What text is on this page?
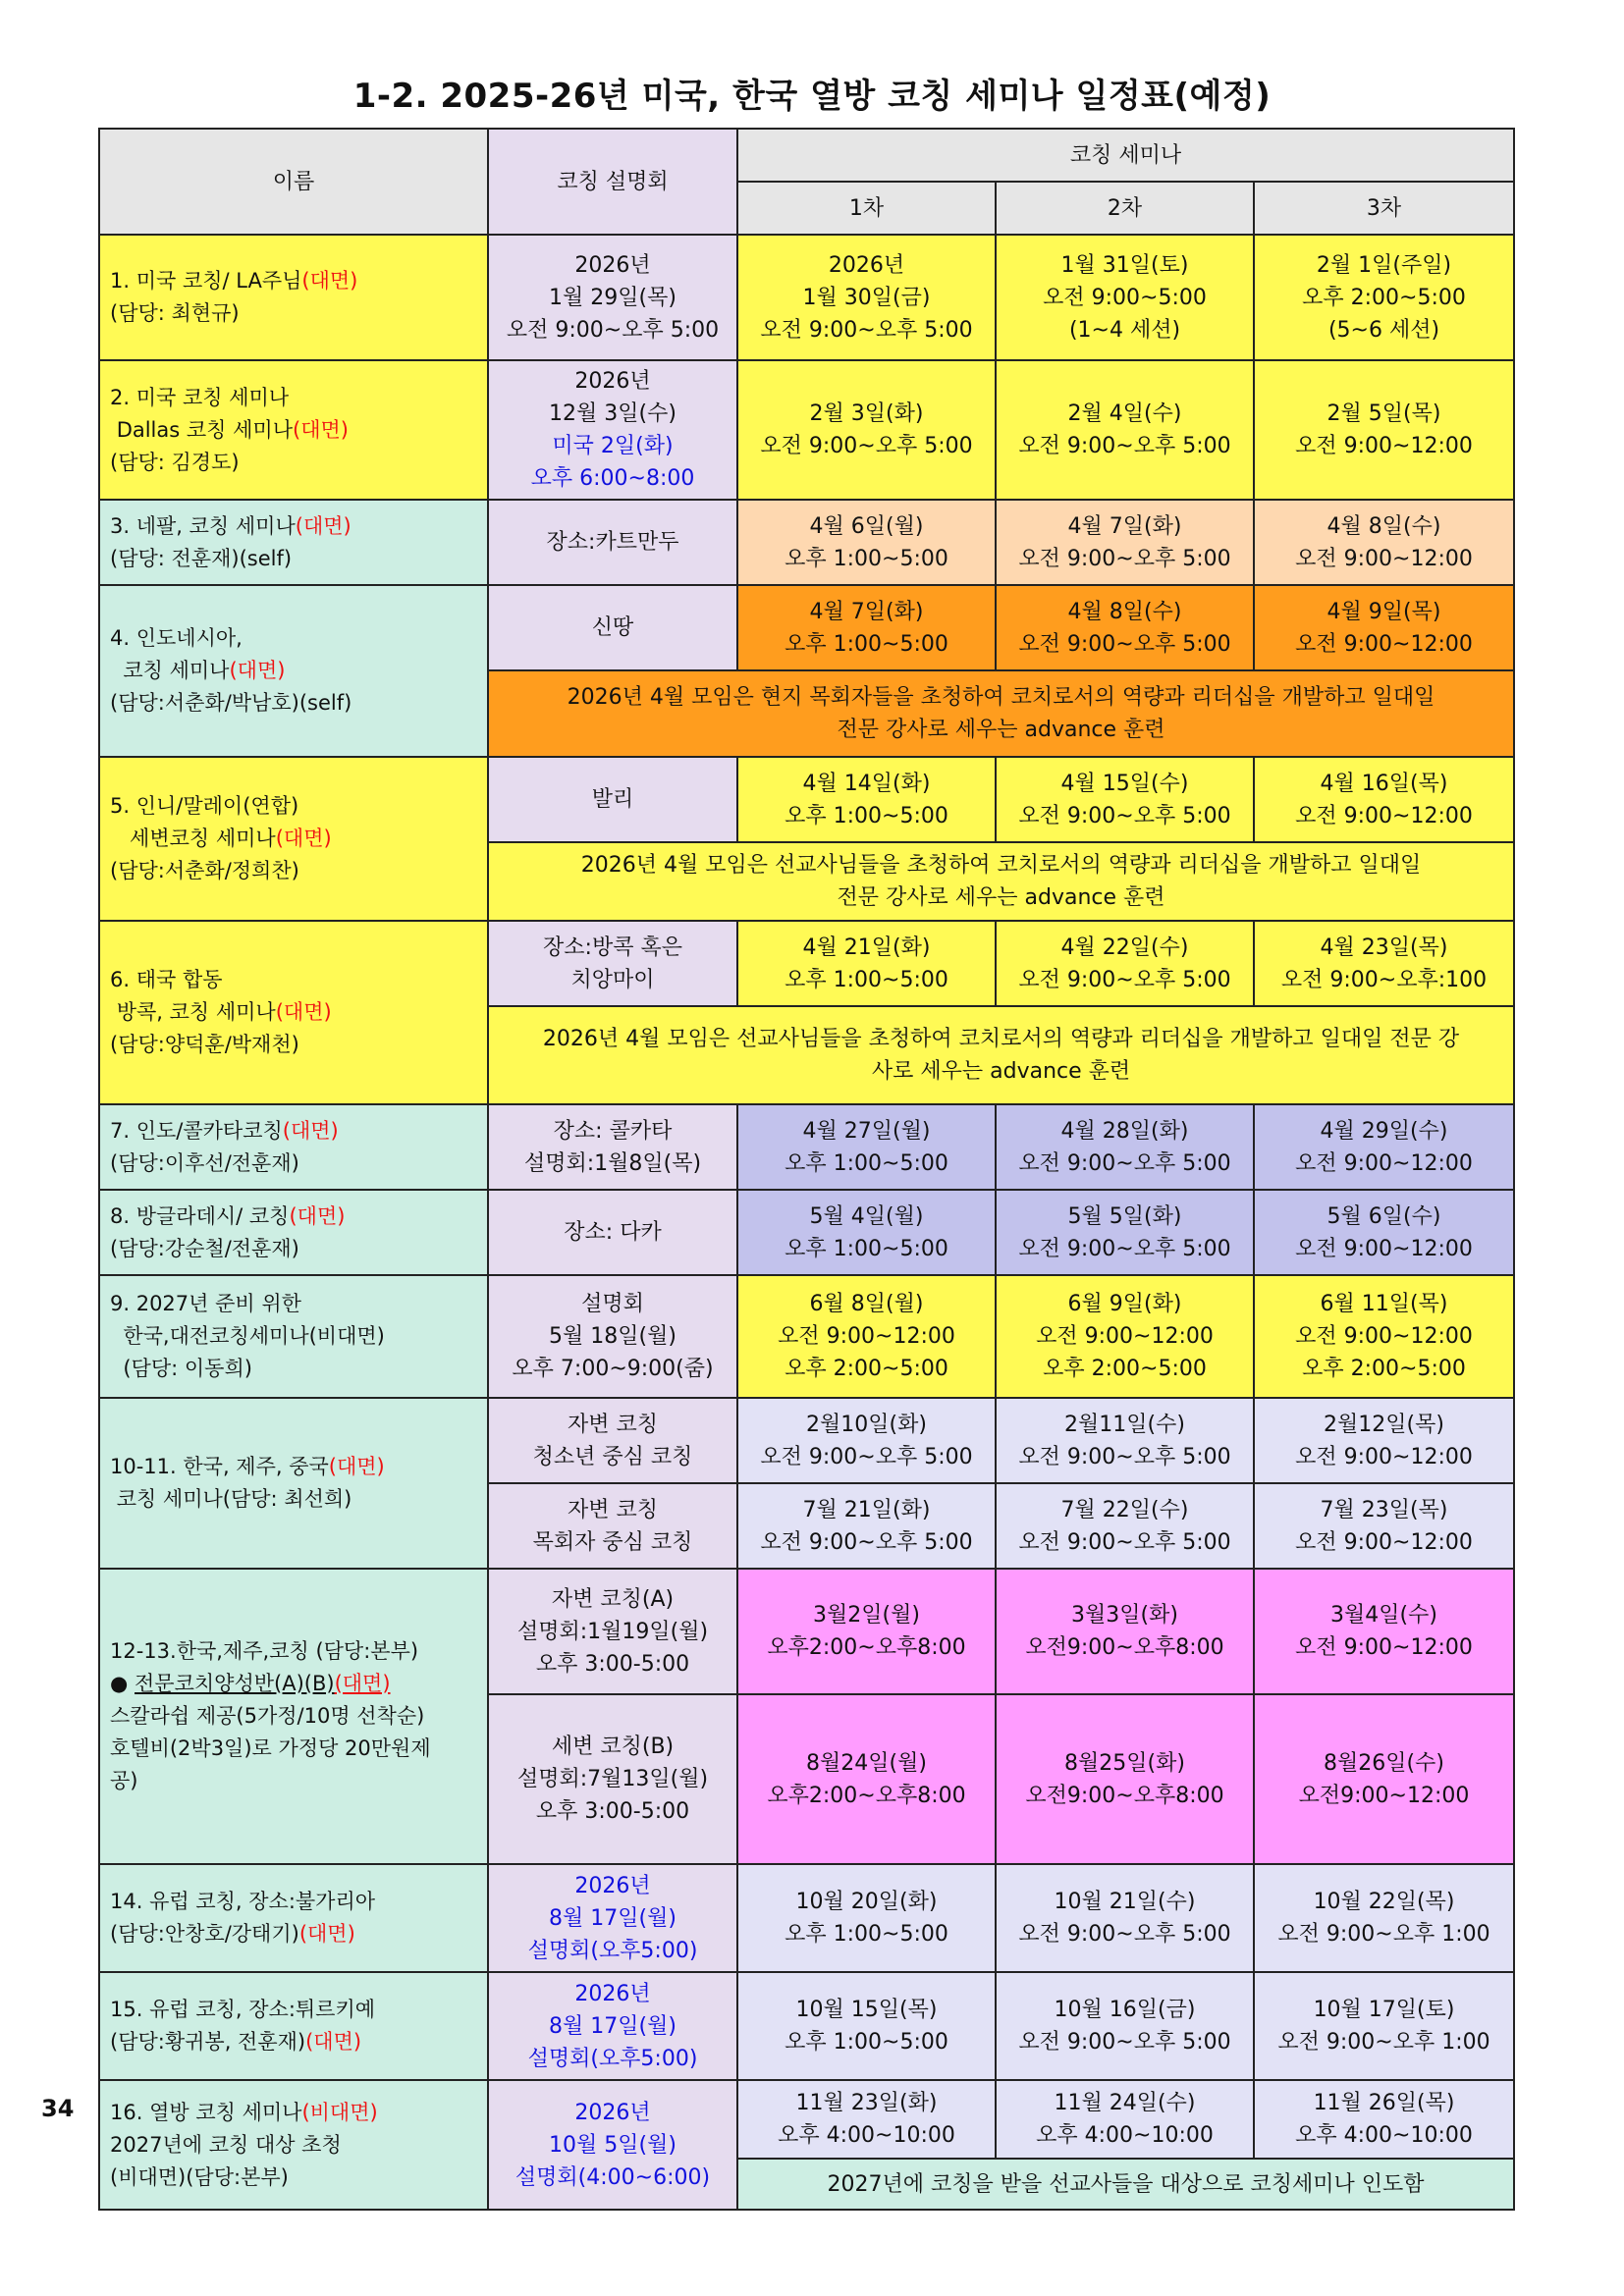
1-2. 2025-26년 미국, 한국 열방 코칭 세미나 일정표(예정)
이름	코칭 설명회	코칭 세미나		
		1차	2차	3차
1. 미국 코칭/ LA주님(대면)
(담당: 최현규)	2026년
1월 29일(목)
오전 9:00~오후 5:00	2026년
1월 30일(금)
오전 9:00~오후 5:00	1월 31일(토)
오전 9:00~5:00
(1~4 세션)	2월 1일(주일)
오후 2:00~5:00
(5~6 세션)
2. 미국 코칭 세미나
Dallas 코칭 세미나(대면)
(담당: 김경도)	2026년
12월 3일(수)
미국 2일(화)
오후 6:00~8:00	2월 3일(화)
오전 9:00~오후 5:00	2월 4일(수)
오전 9:00~오후 5:00	2월 5일(목)
오전 9:00~12:00
3. 네팔, 코칭 세미나(대면)
(담당: 전훈재)(self)	장소:카트만두	4월 6일(월)
오후 1:00~5:00	4월 7일(화)
오전 9:00~오후 5:00	4월 8일(수)
오전 9:00~12:00
4. 인도네시아,
코칭 세미나(대면)
(담당:서춘화/박남호)(self)	신땅	4월 7일(화)
오후 1:00~5:00	4월 8일(수)
오전 9:00~오후 5:00	4월 9일(목)
오전 9:00~12:00
	2026년 4월 모임은 현지 목회자들을 초청하여 코치로서의 역량과 리더십을 개발하고 일대일
전문 강사로 세우는 advance 훈련			
5. 인니/말레이(연합)
세변코칭 세미나(대면)
(담당:서춘화/정희찬)	발리	4월 14일(화)
오후 1:00~5:00	4월 15일(수)
오전 9:00~오후 5:00	4월 16일(목)
오전 9:00~12:00
	2026년 4월 모임은 선교사님들을 초청하여 코치로서의 역량과 리더십을 개발하고 일대일
전문 강사로 세우는 advance 훈련			
6. 태국 합동
방콕, 코칭 세미나(대면)
(담당:양덕훈/박재천)	장소:방콕 혹은
치앙마이	4월 21일(화)
오후 1:00~5:00	4월 22일(수)
오전 9:00~오후 5:00	4월 23일(목)
오전 9:00~오후:100
	2026년 4월 모임은 선교사님들을 초청하여 코치로서의 역량과 리더십을 개발하고 일대일 전문 강
사로 세우는 advance 훈련			
7. 인도/콜카타코칭(대면)
(담당:이후선/전훈재)	장소: 콜카타
설명회:1월8일(목)	4월 27일(월)
오후 1:00~5:00	4월 28일(화)
오전 9:00~오후 5:00	4월 29일(수)
오전 9:00~12:00
8. 방글라데시/ 코칭(대면)
(담당:강순철/전훈재)	장소: 다카	5월 4일(월)
오후 1:00~5:00	5월 5일(화)
오전 9:00~오후 5:00	5월 6일(수)
오전 9:00~12:00
9. 2027년 준비 위한
한국,대전코칭세미나(비대면)
(담당: 이동희)	설명회
5월 18일(월)
오후 7:00~9:00(줌)	6월 8일(월)
오전 9:00~12:00
오후 2:00~5:00	6월 9일(화)
오전 9:00~12:00
오후 2:00~5:00	6월 11일(목)
오전 9:00~12:00
오후 2:00~5:00
10-11. 한국, 제주, 중국(대면)
코칭 세미나(담당: 최선희)	자변 코칭
청소년 중심 코칭	2월10일(화)
오전 9:00~오후 5:00	2월11일(수)
오전 9:00~오후 5:00	2월12일(목)
오전 9:00~12:00
	자변 코칭
목회자 중심 코칭	7월 21일(화)
오전 9:00~오후 5:00	7월 22일(수)
오전 9:00~오후 5:00	7월 23일(목)
오전 9:00~12:00
12-13.한국,제주,코칭 (담당:본부)
● 전문코치양성반(A)(B)(대면)
스칼라쉽 제공(5가정/10명 선착순)
호텔비(2박3일)로 가정당 20만원제
공)	자변 코칭(A)
설명회:1월19일(월)
오후 3:00-5:00	3월2일(월)
오후2:00~오후8:00	3월3일(화)
오전9:00~오후8:00	3월4일(수)
오전 9:00~12:00
	세변 코칭(B)
설명회:7월13일(월)
오후 3:00-5:00	8월24일(월)
오후2:00~오후8:00	8월25일(화)
오전9:00~오후8:00	8월26일(수)
오전9:00~12:00
14. 유럽 코칭, 장소:불가리아
(담당:안창호/강태기)(대면)	2026년
8월 17일(월)
설명회(오후5:00)	10월 20일(화)
오후 1:00~5:00	10월 21일(수)
오전 9:00~오후 5:00	10월 22일(목)
오전 9:00~오후 1:00
15. 유럽 코칭, 장소:튀르키예
(담당:황귀봉, 전훈재)(대면)	2026년
8월 17일(월)
설명회(오후5:00)	10월 15일(목)
오후 1:00~5:00	10월 16일(금)
오전 9:00~오후 5:00	10월 17일(토)
오전 9:00~오후 1:00
16. 열방 코칭 세미나(비대면)
2027년에 코칭 대상 초청
(비대면)(담당:본부)	2026년
10월 5일(월)
설명회(4:00~6:00)	11월 23일(화)
오후 4:00~10:00	11월 24일(수)
오후 4:00~10:00	11월 26일(목)
오후 4:00~10:00
		2027년에 코칭을 받을 선교사들을 대상으로 코칭세미나 인도함		
34
